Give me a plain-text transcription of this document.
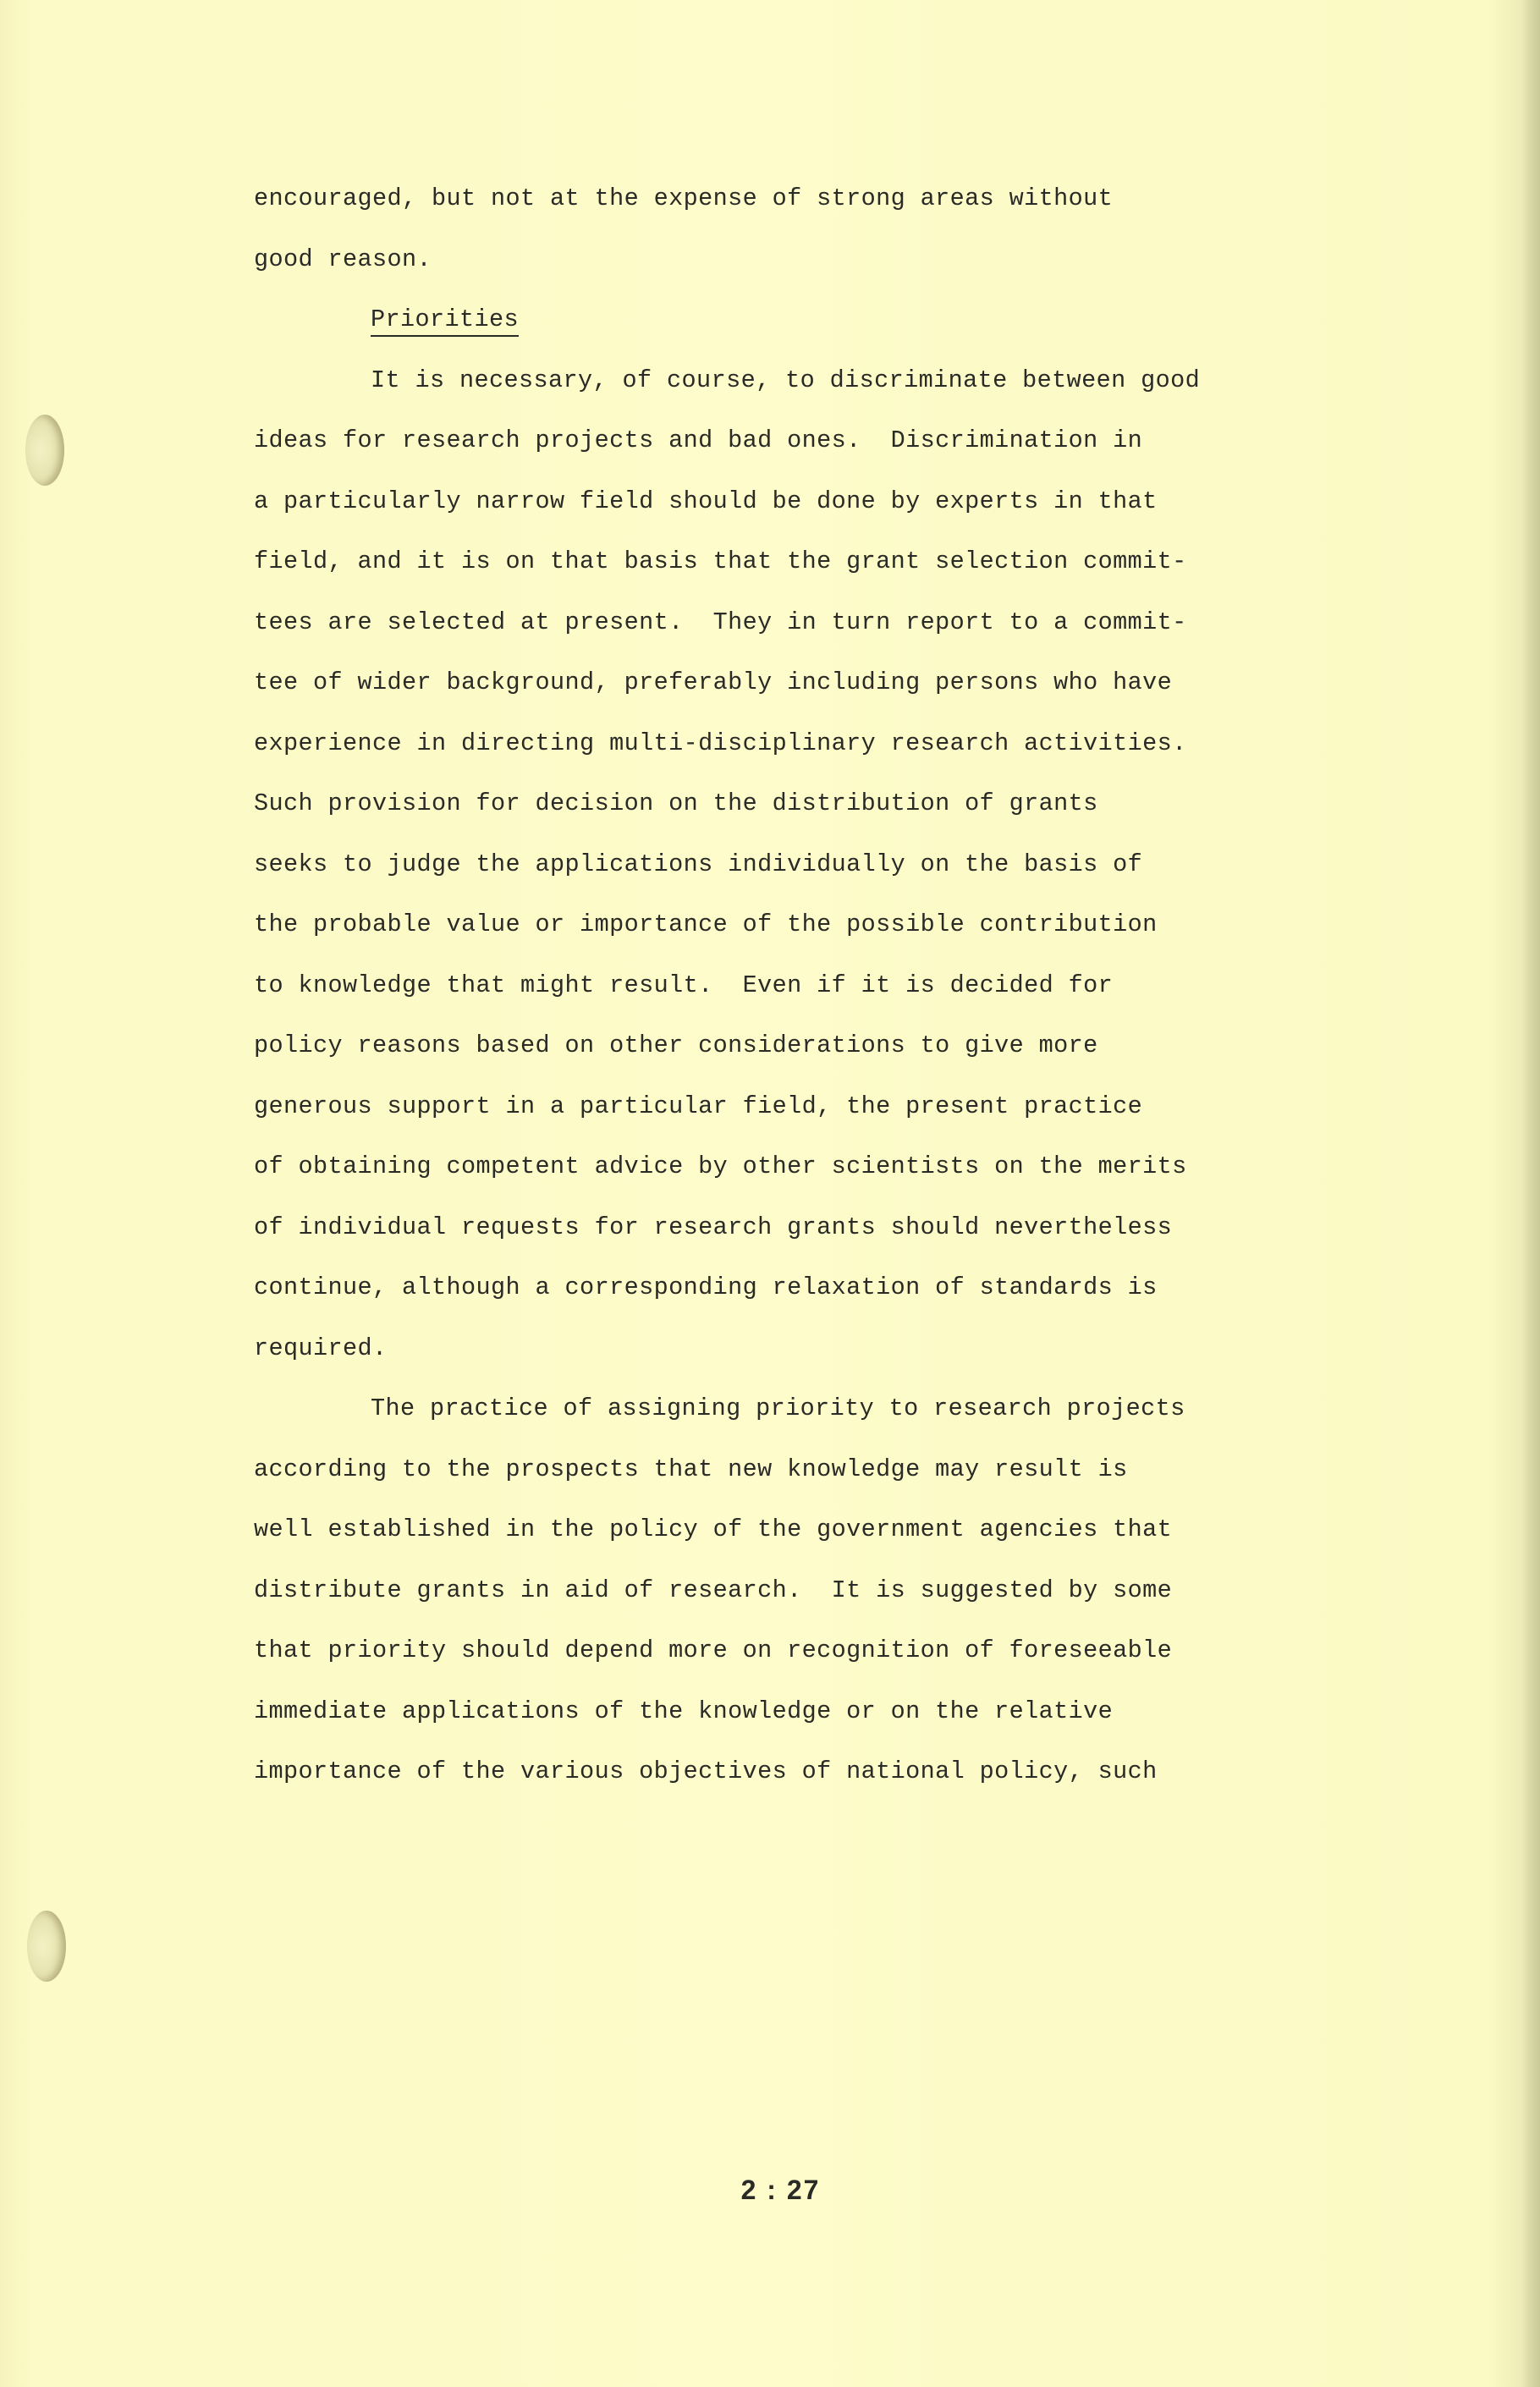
encouraged, but not at the expense of strong areas without
good reason.
Priorities
It is necessary, of course, to discriminate between good
ideas for research projects and bad ones.  Discrimination in
a particularly narrow field should be done by experts in that
field, and it is on that basis that the grant selection commit-
tees are selected at present.  They in turn report to a commit-
tee of wider background, preferably including persons who have
experience in directing multi-disciplinary research activities.
Such provision for decision on the distribution of grants
seeks to judge the applications individually on the basis of
the probable value or importance of the possible contribution
to knowledge that might result.  Even if it is decided for
policy reasons based on other considerations to give more
generous support in a particular field, the present practice
of obtaining competent advice by other scientists on the merits
of individual requests for research grants should nevertheless
continue, although a corresponding relaxation of standards is
required.
The practice of assigning priority to research projects
according to the prospects that new knowledge may result is
well established in the policy of the government agencies that
distribute grants in aid of research.  It is suggested by some
that priority should depend more on recognition of foreseeable
immediate applications of the knowledge or on the relative
importance of the various objectives of national policy, such
2 : 27
